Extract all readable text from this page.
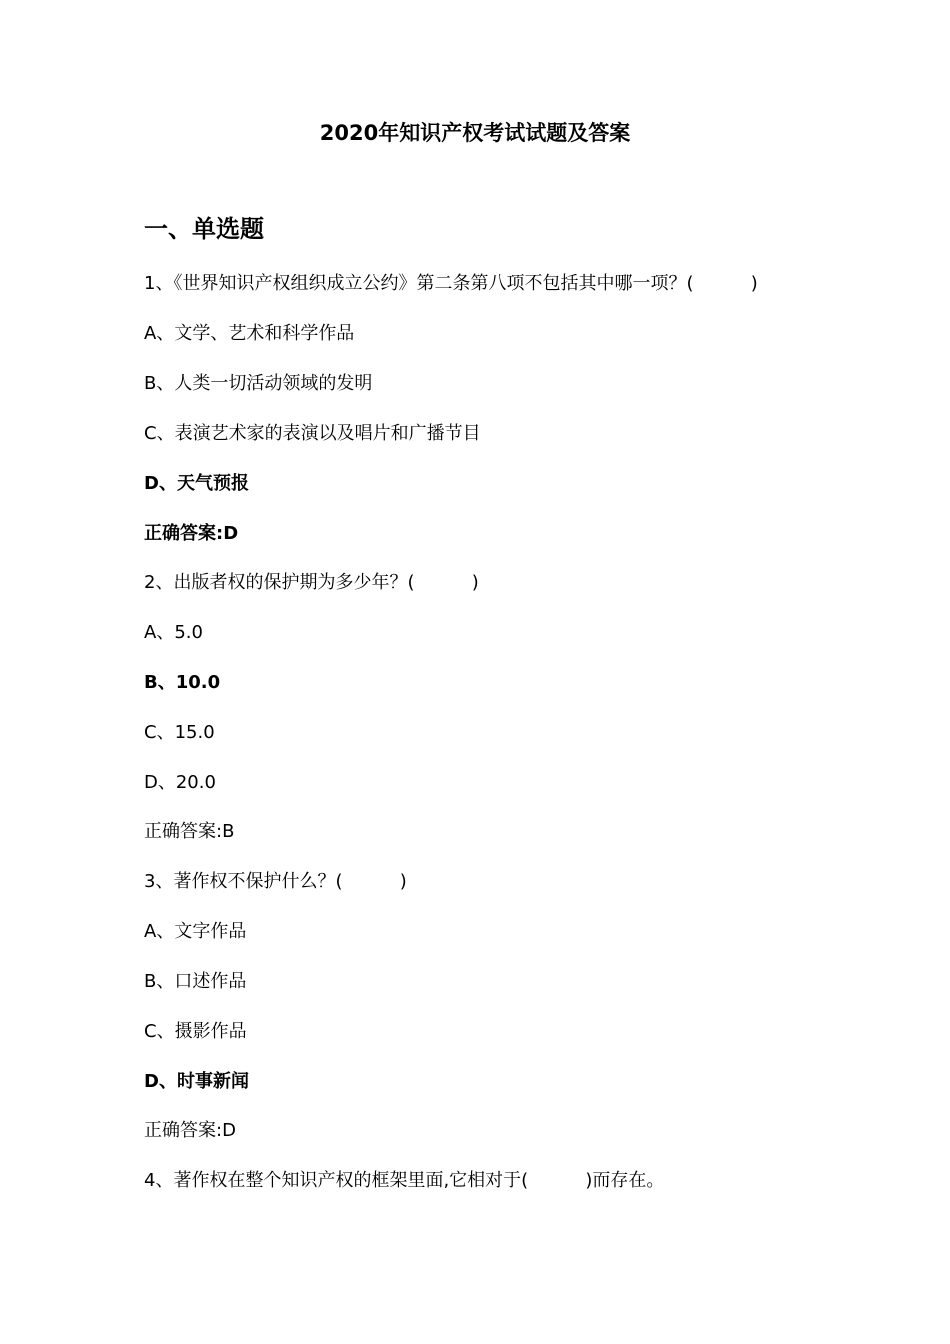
2020年知识产权考试试题及答案
一、单选题
1、《世界知识产权组织成立公约》第二条第八项不包括其中哪一项？(          )
A、文学、艺术和科学作品
B、人类一切活动领域的发明
C、表演艺术家的表演以及唱片和广播节目
D、天气预报
正确答案:D
2、出版者权的保护期为多少年？(          )
A、5.0
B、10.0
C、15.0
D、20.0
正确答案:B
3、著作权不保护什么？(          )
A、文字作品
B、口述作品
C、摄影作品
D、时事新闻
正确答案:D
4、著作权在整个知识产权的框架里面,它相对于(          )而存在。
